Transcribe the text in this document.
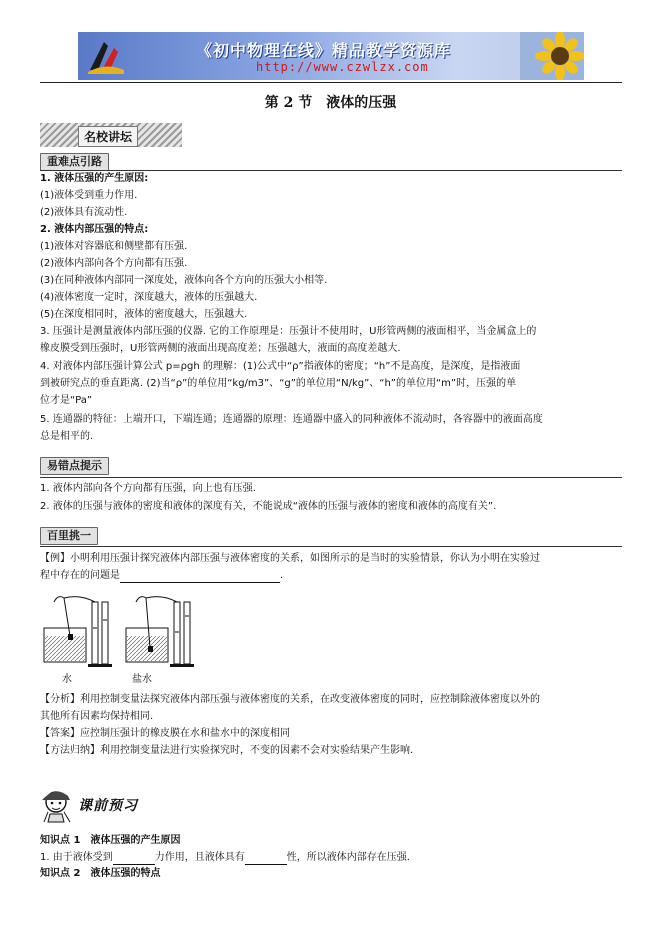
《初中物理在线》精品教学资源库
http://www.czwlzx.com
第 2 节　液体的压强
名校讲坛
重难点引路
1. 液体压强的产生原因:
(1)液体受到重力作用.
(2)液体具有流动性.
2. 液体内部压强的特点:
(1)液体对容器底和侧壁都有压强.
(2)液体内部向各个方向都有压强.
(3)在同种液体内部同一深度处，液体向各个方向的压强大小相等.
(4)液体密度一定时，深度越大，液体的压强越大.
(5)在深度相同时，液体的密度越大，压强越大.
3. 压强计是测量液体内部压强的仪器. 它的工作原理是：压强计不使用时，U形管两侧的液面相平，当金属盒上的
橡皮膜受到压强时，U形管两侧的液面出现高度差；压强越大，液面的高度差越大.
4. 对液体内部压强计算公式 p=ρgh 的理解：(1)公式中“ρ”指液体的密度；“h”不是高度，是深度，是指液面
到被研究点的垂直距离. (2)当“ρ”的单位用“kg/m3”、“g”的单位用“N/kg”、“h”的单位用“m”时，压强的单
位才是“Pa”
5. 连通器的特征：上端开口，下端连通；连通器的原理：连通器中盛入的同种液体不流动时，各容器中的液面高度
总是相平的.
易错点提示
1. 液体内部向各个方向都有压强，向上也有压强.
2. 液体的压强与液体的密度和液体的深度有关，不能说成“液体的压强与液体的密度和液体的高度有关”.
百里挑一
【例】小明利用压强计探究液体内部压强与液体密度的关系，如图所示的是当时的实验情景，你认为小明在实验过
程中存在的问题是	.
水	盐水
【分析】利用控制变量法探究液体内部压强与液体密度的关系，在改变液体密度的同时，应控制除液体密度以外的
其他所有因素均保持相同.
【答案】应控制压强计的橡皮膜在水和盐水中的深度相同
【方法归纳】利用控制变量法进行实验探究时，不变的因素不会对实验结果产生影响.
课前预习
知识点 1　液体压强的产生原因
1. 由于液体受到	力作用，且液体具有	性，所以液体内部存在压强.
知识点 2　液体压强的特点
